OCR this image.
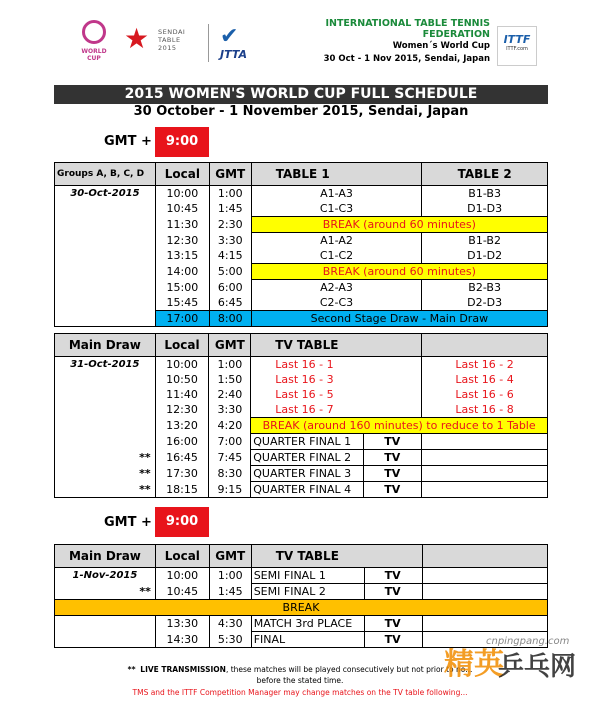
WORLD CUP
★ SENDAI
TABLE
2015	✔
JTTA
INTERNATIONAL TABLE TENNIS FEDERATION
Women´s World Cup
30 Oct - 1 Nov 2015, Sendai, Japan
ITTF
ITTF.com
2015 WOMEN'S WORLD CUP FULL SCHEDULE
30 October - 1 November 2015, Sendai, Japan
GMT +	9:00
Groups A, B, C, D	Local	GMT	TABLE 1	TABLE 2
30-Oct-2015	10:00	1:00	A1-A3	B1-B3
	10:45	1:45	C1-C3	D1-D3
	11:30	2:30	BREAK (around 60 minutes)	
	12:30	3:30	A1-A2	B1-B2
	13:15	4:15	C1-C2	D1-D2
	14:00	5:00	BREAK (around 60 minutes)	
	15:00	6:00	A2-A3	B2-B3
	15:45	6:45	C2-C3	D2-D3
	17:00	8:00	Second Stage Draw - Main Draw	
Main Draw	Local	GMT	TV TABLE		
31-Oct-2015	10:00	1:00	Last 16 - 1		Last 16 - 2
	10:50	1:50	Last 16 - 3		Last 16 - 4
	11:40	2:40	Last 16 - 5		Last 16 - 6
	12:30	3:30	Last 16 - 7		Last 16 - 8
	13:20	4:20	BREAK (around 160 minutes) to reduce to 1 Table		
	16:00	7:00	QUARTER FINAL 1	TV	
**	16:45	7:45	QUARTER FINAL 2	TV	
**	17:30	8:30	QUARTER FINAL 3	TV	
**	18:15	9:15	QUARTER FINAL 4	TV	
GMT +	9:00
Main Draw	Local	GMT	TV TABLE		
1-Nov-2015	10:00	1:00	SEMI FINAL 1	TV	
**	10:45	1:45	SEMI FINAL 2	TV	
BREAK					
	13:30	4:30	MATCH 3rd PLACE	TV	
	14:30	5:30	FINAL	TV	
** LIVE TRANSMISSION, these matches will be played consecutively but not prior to no...
before the stated time.
TMS and the ITTF Competition Manager may change matches on the TV table following...
cnpingpang.com
精英
乒乓网
